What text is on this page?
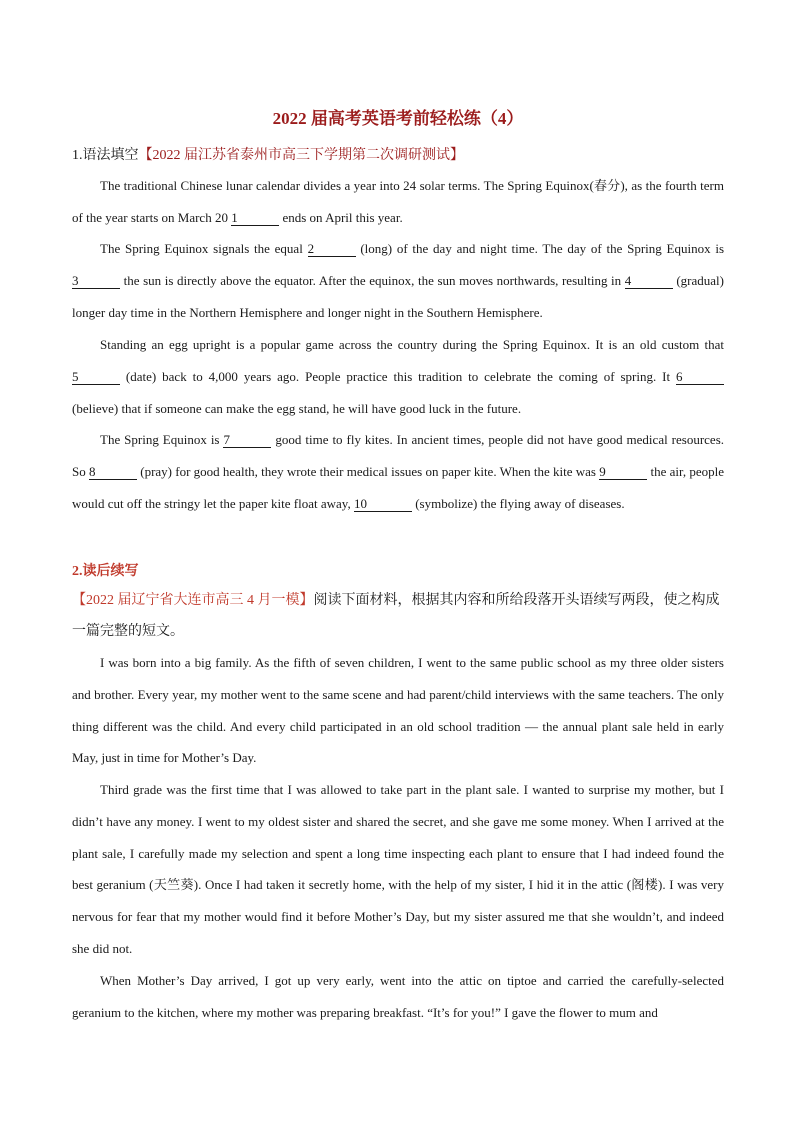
2022 届高考英语考前轻松练（4）
1.语法填空【2022 届江苏省泰州市高三下学期第二次调研测试】
The traditional Chinese lunar calendar divides a year into 24 solar terms. The Spring Equinox(春分), as the fourth term of the year starts on March 20 1	ends on April this year.
The Spring Equinox signals the equal 2	(long) of the day and night time. The day of the Spring Equinox is 3	the sun is directly above the equator. After the equinox, the sun moves northwards, resulting in 4	(gradual) longer day time in the Northern Hemisphere and longer night in the Southern Hemisphere.
Standing an egg upright is a popular game across the country during the Spring Equinox. It is an old custom that 5	(date) back to 4,000 years ago. People practice this tradition to celebrate the coming of spring. It 6 (believe) that if someone can make the egg stand, he will have good luck in the future.
The Spring Equinox is 7	good time to fly kites. In ancient times, people did not have good medical resources. So 8	(pray) for good health, they wrote their medical issues on paper kite. When the kite was 9	the air, people would cut off the stringy let the paper kite float away, 10	(symbolize) the flying away of diseases.
2.读后续写
【2022 届辽宁省大连市高三 4 月一模】阅读下面材料，根据其内容和所给段落开头语续写两段，使之构成一篇完整的短文。
I was born into a big family. As the fifth of seven children, I went to the same public school as my three older sisters and brother. Every year, my mother went to the same scene and had parent/child interviews with the same teachers. The only thing different was the child. And every child participated in an old school tradition — the annual plant sale held in early May, just in time for Mother’s Day.
Third grade was the first time that I was allowed to take part in the plant sale. I wanted to surprise my mother, but I didn’t have any money. I went to my oldest sister and shared the secret, and she gave me some money. When I arrived at the plant sale, I carefully made my selection and spent a long time inspecting each plant to ensure that I had indeed found the best geranium (天竺葵). Once I had taken it secretly home, with the help of my sister, I hid it in the attic (阁楼). I was very nervous for fear that my mother would find it before Mother’s Day, but my sister assured me that she wouldn’t, and indeed she did not.
When Mother’s Day arrived, I got up very early, went into the attic on tiptoe and carried the carefully-selected geranium to the kitchen, where my mother was preparing breakfast. “It’s for you!” I gave the flower to mum and
